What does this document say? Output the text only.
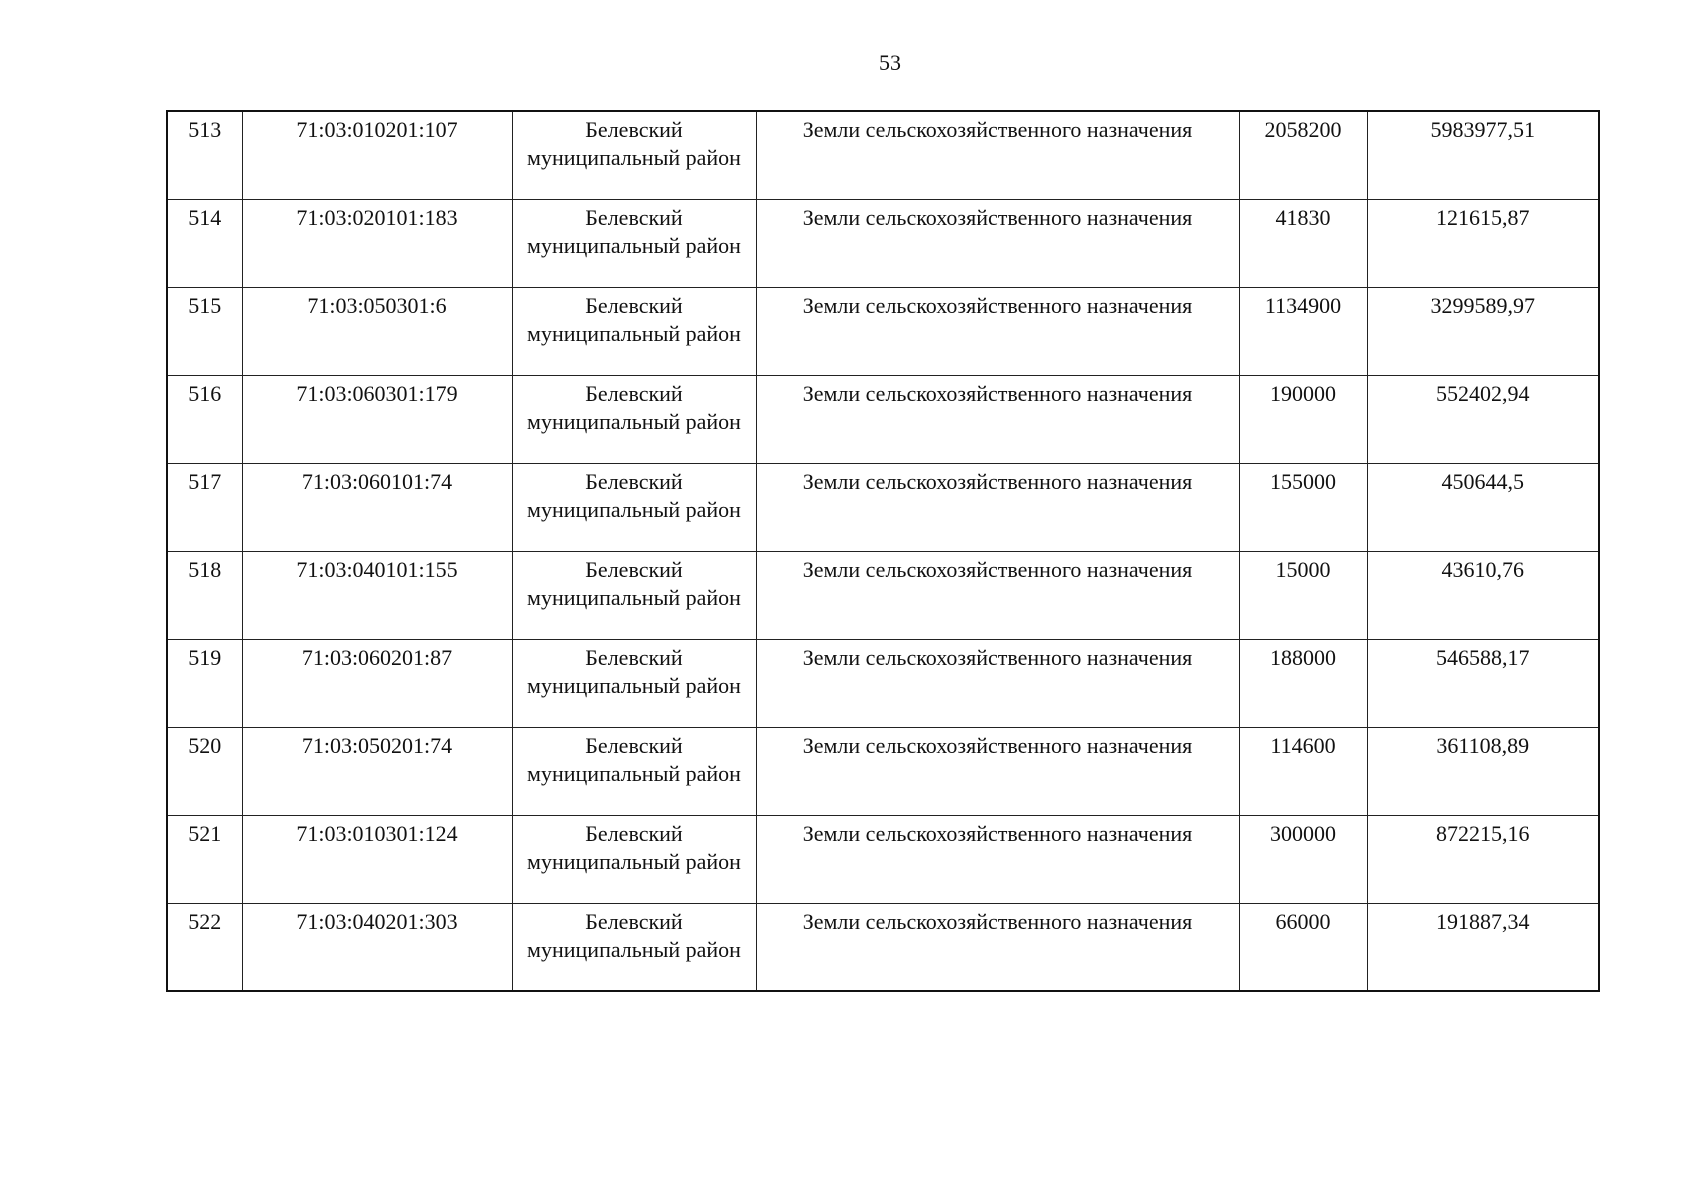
53
513	71:03:010201:107	Белевский муниципальный район	Земли сельскохозяйственного назначения	2058200	5983977,51
514	71:03:020101:183	Белевский муниципальный район	Земли сельскохозяйственного назначения	41830	121615,87
515	71:03:050301:6	Белевский муниципальный район	Земли сельскохозяйственного назначения	1134900	3299589,97
516	71:03:060301:179	Белевский муниципальный район	Земли сельскохозяйственного назначения	190000	552402,94
517	71:03:060101:74	Белевский муниципальный район	Земли сельскохозяйственного назначения	155000	450644,5
518	71:03:040101:155	Белевский муниципальный район	Земли сельскохозяйственного назначения	15000	43610,76
519	71:03:060201:87	Белевский муниципальный район	Земли сельскохозяйственного назначения	188000	546588,17
520	71:03:050201:74	Белевский муниципальный район	Земли сельскохозяйственного назначения	114600	361108,89
521	71:03:010301:124	Белевский муниципальный район	Земли сельскохозяйственного назначения	300000	872215,16
522	71:03:040201:303	Белевский муниципальный район	Земли сельскохозяйственного назначения	66000	191887,34
